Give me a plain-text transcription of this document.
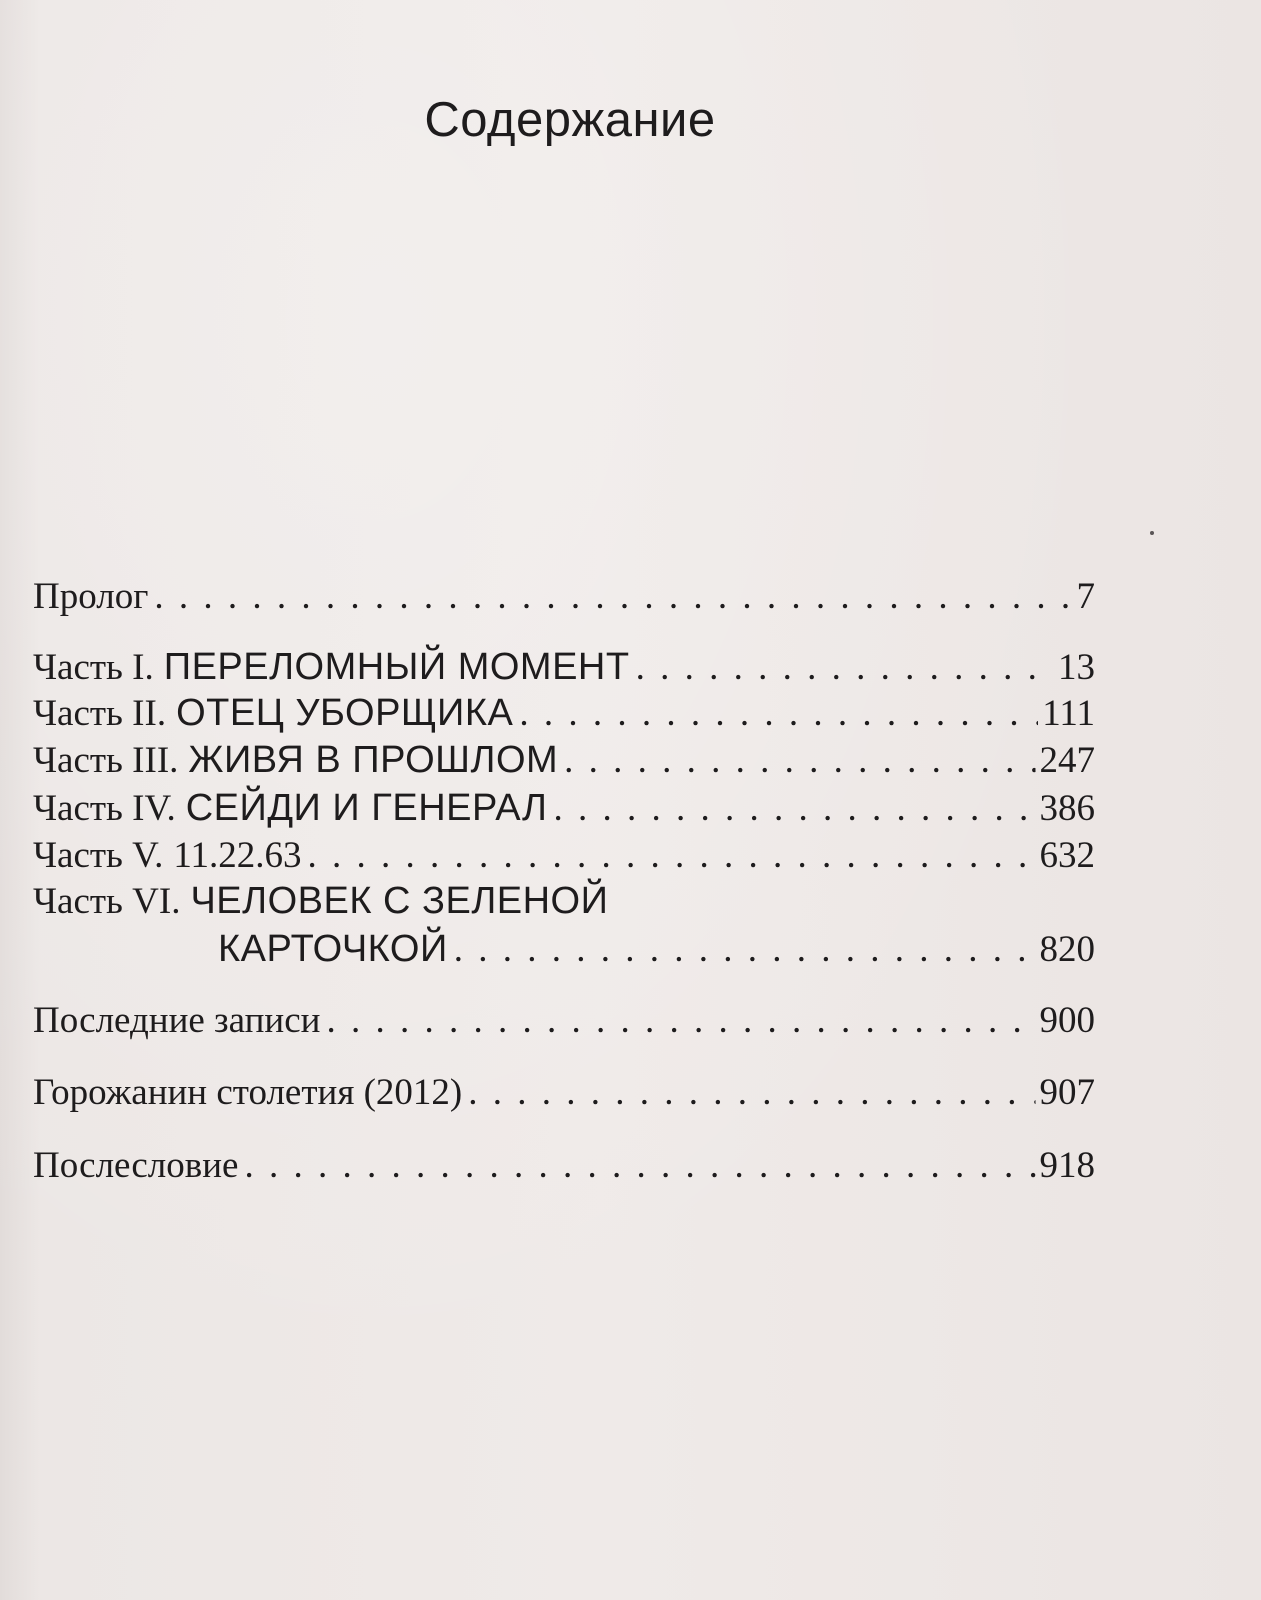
Содержание
Пролог . . .	7
Часть I. ПЕРЕЛОМНЫЙ МОМЕНТ . . .	13
Часть II. ОТЕЦ УБОРЩИКА . . .	111
Часть III. ЖИВЯ В ПРОШЛОМ . . .	247
Часть IV. СЕЙДИ И ГЕНЕРАЛ . . .	386
Часть V. 11.22.63 . . .	632
Часть VI. ЧЕЛОВЕК С ЗЕЛЕНОЙ
КАРТОЧКОЙ . . .	820
Последние записи . . .	900
Горожанин столетия (2012) . . .	907
Послесловие . . .	918
